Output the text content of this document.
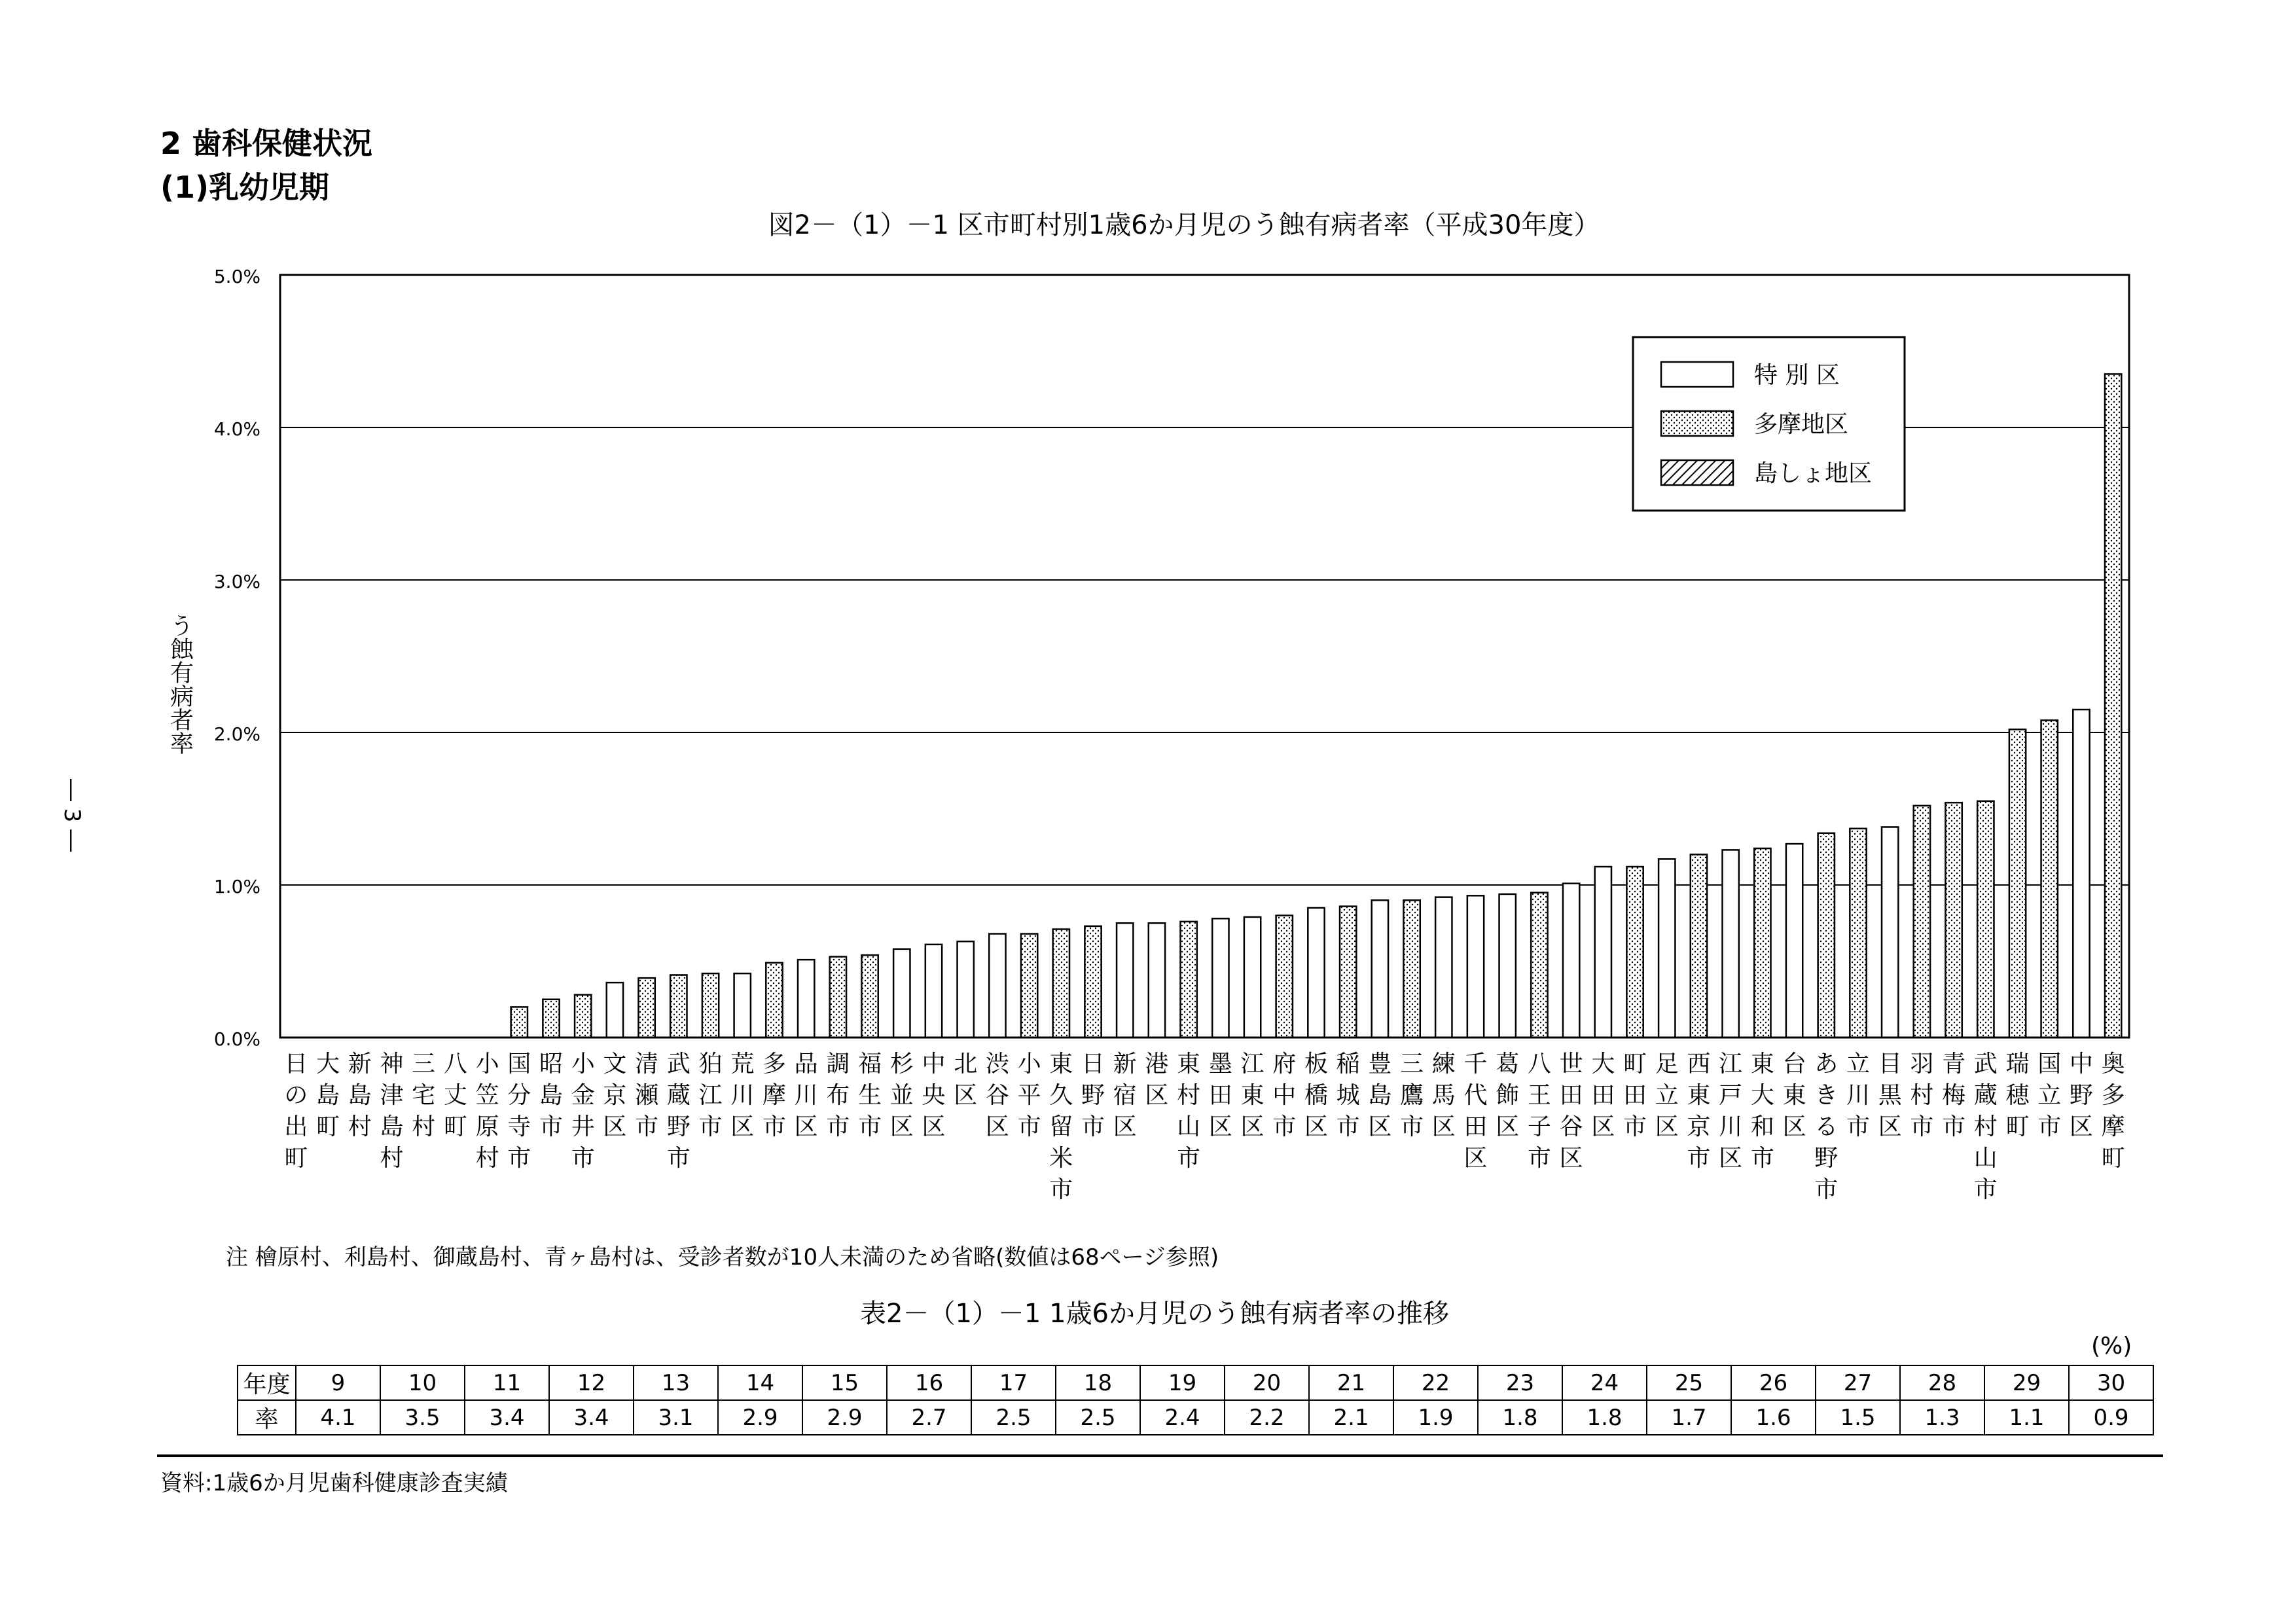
2 歯科保健状況
(1)乳幼児期
図2－（1）－1 区市町村別1歳6か月児のう蝕有病者率（平成30年度）
0.0%
1.0%
2.0%
3.0%
4.0%
5.0%
日の出町
大島町
新島村
神津島村
三宅村
八丈町
小笠原村
国分寺市
昭島市
小金井市
文京区
清瀬市
武蔵野市
狛江市
荒川区
多摩市
品川区
調布市
福生市
杉並区
中央区
北区
渋谷区
小平市
東久留米市
日野市
新宿区
港区
東村山市
墨田区
江東区
府中市
板橋区
稲城市
豊島区
三鷹市
練馬区
千代田区
葛飾区
八王子市
世田谷区
大田区
町田市
足立区
西東京市
江戸川区
東大和市
台東区
あきる野市
立川市
目黒区
羽村市
青梅市
武蔵村山市
瑞穂町
国立市
中野区
奥多摩町
う蝕有病者率
特 別 区
多摩地区
島しょ地区
― 3 ―
注 檜原村、利島村、御蔵島村、青ヶ島村は、受診者数が10人未満のため省略(数値は68ページ参照)
表2－（1）－1 1歳6か月児のう蝕有病者率の推移
(%)
年度	9	10	11	12	13	14	15	16	17	18	19	20	21	22	23	24	25	26	27	28	29	30
率	4.1	3.5	3.4	3.4	3.1	2.9	2.9	2.7	2.5	2.5	2.4	2.2	2.1	1.9	1.8	1.8	1.7	1.6	1.5	1.3	1.1	0.9
資料:1歳6か月児歯科健康診査実績
